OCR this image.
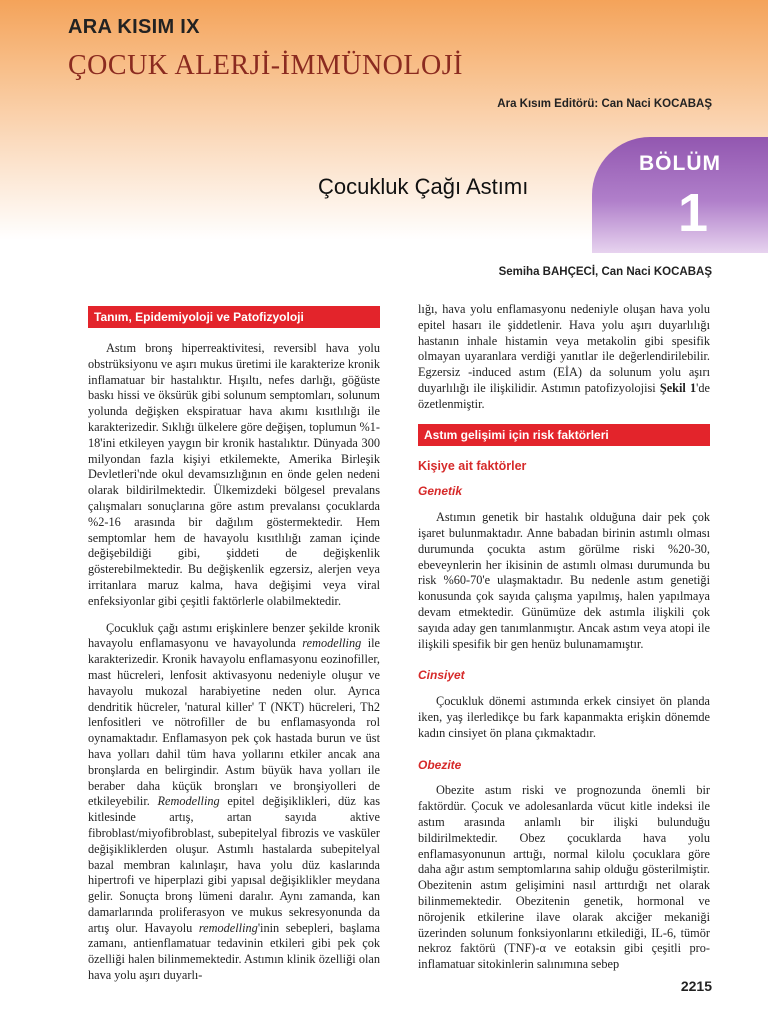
ARA KISIM IX
ÇOCUK ALERJİ-İMMÜNOLOJİ
Ara Kısım Editörü: Can Naci KOCABAŞ
BÖLÜM
1
Çocukluk Çağı Astımı
Semiha BAHÇECİ, Can Naci KOCABAŞ
Tanım, Epidemiyoloji ve Patofizyoloji

Astım bronş hiperreaktivitesi, reversibl hava yolu obstrüksiyonu ve aşırı mukus üretimi ile karakterize kronik inflamatuar bir hastalıktır. Hışıltı, nefes darlığı, göğüste baskı hissi ve öksürük gibi solunum semptomları, solunum yolunda değişken ekspiratuar hava akımı kısıtlılığı ile karakterizedir. Sıklığı ülkelere göre değişen, toplumun %1-18'ini etkileyen yaygın bir kronik hastalıktır. Dünyada 300 milyondan fazla kişiyi etkilemekte, Amerika Birleşik Devletleri'nde okul devamsızlığının en önde gelen nedeni olarak bildirilmektedir. Ülkemizdeki bölgesel prevalans çalışmaları sonuçlarına göre astım prevalansı çocuklarda %2-16 arasında bir dağılım göstermektedir. Hem semptomlar hem de havayolu kısıtlılığı zaman içinde değişebildiği gibi, şiddeti de değişkenlik gösterebilmektedir. Bu değişkenlik egzersiz, alerjen veya irritanlara maruz kalma, hava değişimi veya viral enfeksiyonlar gibi çeşitli faktörlerle olabilmektedir.

Çocukluk çağı astımı erişkinlere benzer şekilde kronik havayolu enflamasyonu ve havayolunda remodelling ile karakterizedir. Kronik havayolu enflamasyonu eozinofiller, mast hücreleri, lenfosit aktivasyonu nedeniyle oluşur ve havayolu mukozal harabiyetine neden olur. Ayrıca dendritik hücreler, 'natural killer' T (NKT) hücreleri, Th2 lenfositleri ve nötrofiller de bu enflamasyonda rol oynamaktadır. Enflamasyon pek çok hastada burun ve üst hava yolları dahil tüm hava yollarını etkiler ancak ana bronşlarda en belirgindir. Astım büyük hava yolları ile beraber daha küçük bronşları ve bronşiyolleri de etkileyebilir. Remodelling epitel değişiklikleri, düz kas kitlesinde artış, artan sayıda aktive fibroblast/miyofibroblast, subepitelyal fibrozis ve vasküler değişikliklerden oluşur. Astımlı hastalarda subepitelyal bazal membran kalınlaşır, hava yolu düz kaslarında hipertrofi ve hiperplazi gibi yapısal değişiklikler meydana gelir. Sonuçta bronş lümeni daralır. Aynı zamanda, kan damarlarında proliferasyon ve mukus sekresyonunda da artış olur. Havayolu remodelling'inin sebepleri, başlama zamanı, antienflamatuar tedavinin etkileri gibi pek çok özelliği halen bilinmemektedir. Astımın klinik özelliği olan hava yolu aşırı duyarlı-

lığı, hava yolu enflamasyonu nedeniyle oluşan hava yolu epitel hasarı ile şiddetlenir. Hava yolu aşırı duyarlılığı hastanın inhale histamin veya metakolin gibi spesifik olmayan uyaranlara verdiği yanıtlar ile değerlendirilebilir. Egzersiz -induced astım (EİA) da solunum yolu aşırı duyarlılığı ile ilişkilidir. Astımın patofizyolojisi Şekil 1'de özetlenmiştir.

Astım gelişimi için risk faktörleri
Kişiye ait faktörler
Genetik

Astımın genetik bir hastalık olduğuna dair pek çok işaret bulunmaktadır. Anne babadan birinin astımlı olması durumunda çocukta astım görülme riski %20-30, ebeveynlerin her ikisinin de astımlı olması durumunda bu risk %60-70'e ulaşmaktadır. Bu nedenle astım genetiği konusunda çok sayıda çalışma yapılmış, halen yapılmaya devam etmektedir. Günümüze dek astımla ilişkili çok sayıda aday gen tanımlanmıştır. Ancak astım veya atopi ile ilişkili spesifik bir gen henüz bulunamamıştır.

Cinsiyet

Çocukluk dönemi astımında erkek cinsiyet ön planda iken, yaş ilerledikçe bu fark kapanmakta erişkin dönemde kadın cinsiyet ön plana çıkmaktadır.

Obezite

Obezite astım riski ve prognozunda önemli bir faktördür. Çocuk ve adolesanlarda vücut kitle indeksi ile astım arasında anlamlı bir ilişki bulunduğu bildirilmektedir. Obez çocuklarda hava yolu enflamasyonunun arttığı, normal kilolu çocuklara göre daha ağır astım semptomlarına sahip olduğu gösterilmiştir. Obezitenin astım gelişimini nasıl arttırdığı net olarak bilinmemektedir. Obezitenin genetik, hormonal ve nörojenik etkilerine ilave olarak akciğer mekaniği üzerinden solunum fonksiyonlarını etkilediği, IL-6, tümör nekroz faktörü (TNF)-α ve eotaksin gibi çeşitli pro-inflamatuar sitokinlerin salınımına sebep

2215
